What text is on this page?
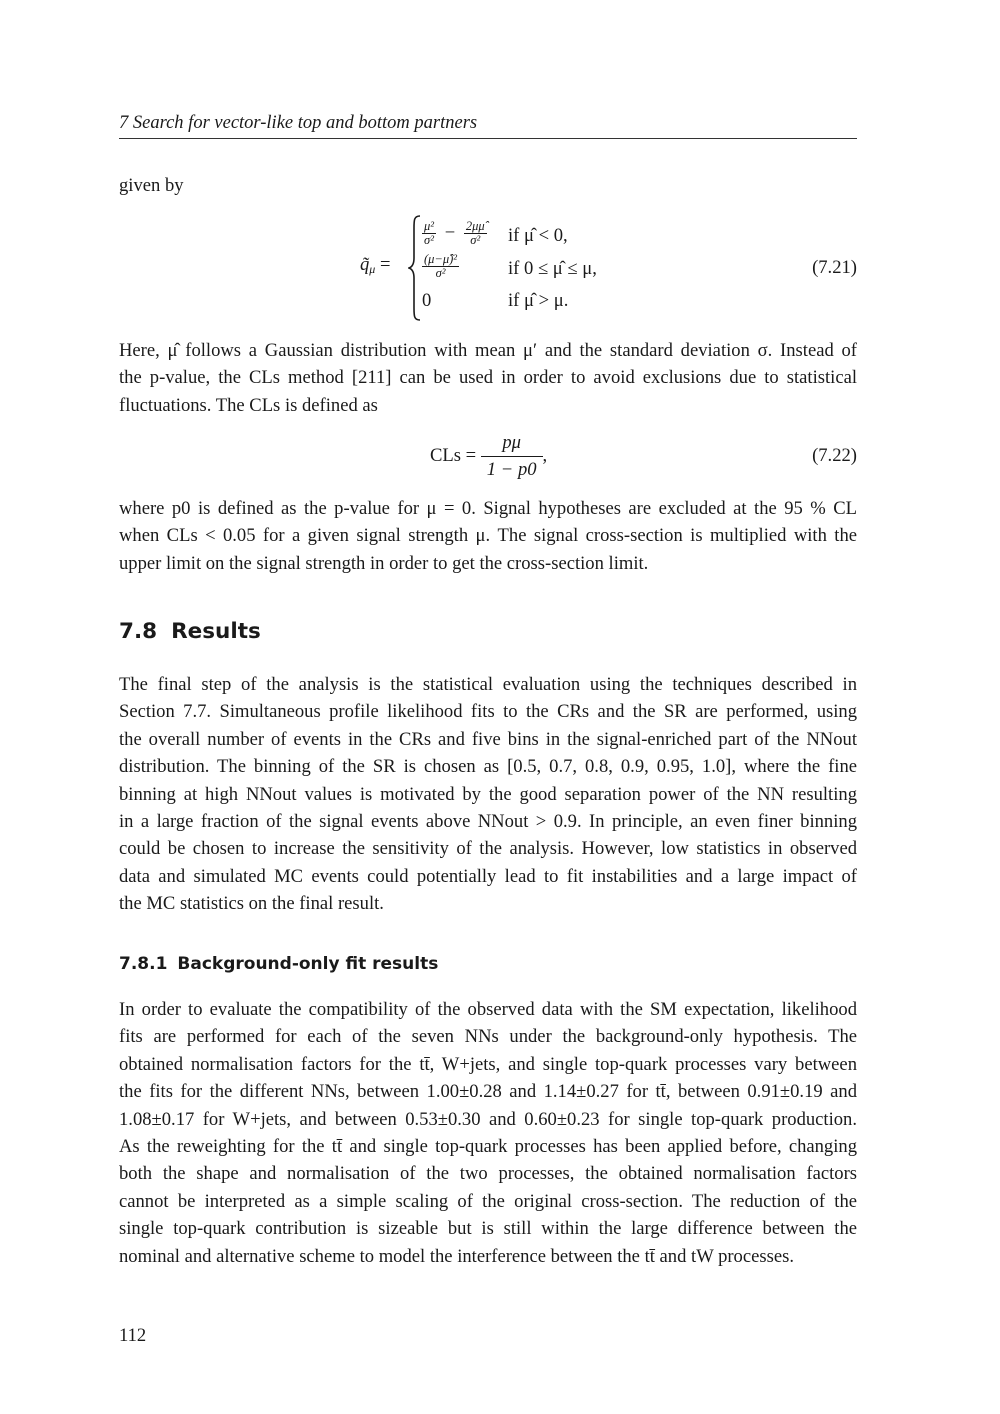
7 Search for vector-like top and bottom partners
given by
$q̃_\mu$ =
$\frac{\text{μ²}}{\text{σ²}} - \frac{2\mu\mû}{\text{σ²}}$
$\frac{\text{(μ−μ̂)²}}{\text{σ²}}$
0
if μ̂ < 0,
if 0 ≤ μ̂ ≤ μ,
if μ̂ > μ.
(7.21)
Here, μ̂ follows a Gaussian distribution with mean μ′ and the standard deviation σ. Instead of
the p-value, the CLs method [211] can be used in order to avoid exclusions due to statistical
fluctuations. The CLs is defined as
CLs = $\frac{p\mu}{1 - p0}$ ,	(7.22)
where p0 is defined as the p-value for μ = 0. Signal hypotheses are excluded at the 95 % CL
when CLs < 0.05 for a given signal strength μ. The signal cross-section is multiplied with the
upper limit on the signal strength in order to get the cross-section limit.
7.8 Results
The final step of the analysis is the statistical evaluation using the techniques described in
Section 7.7. Simultaneous profile likelihood fits to the CRs and the SR are performed, using
the overall number of events in the CRs and five bins in the signal-enriched part of the NNout
distribution. The binning of the SR is chosen as [0.5, 0.7, 0.8, 0.9, 0.95, 1.0], where the fine
binning at high NNout values is motivated by the good separation power of the NN resulting
in a large fraction of the signal events above NNout > 0.9. In principle, an even finer binning
could be chosen to increase the sensitivity of the analysis. However, low statistics in observed
data and simulated MC events could potentially lead to fit instabilities and a large impact of
the MC statistics on the final result.
7.8.1 Background-only fit results
In order to evaluate the compatibility of the observed data with the SM expectation, likelihood
fits are performed for each of the seven NNs under the background-only hypothesis. The
obtained normalisation factors for the tt̄, W+jets, and single top-quark processes vary between
the fits for the different NNs, between 1.00±0.28 and 1.14±0.27 for tt̄, between 0.91±0.19 and
1.08±0.17 for W+jets, and between 0.53±0.30 and 0.60±0.23 for single top-quark production.
As the reweighting for the tt̄ and single top-quark processes has been applied before, changing
both the shape and normalisation of the two processes, the obtained normalisation factors
cannot be interpreted as a simple scaling of the original cross-section. The reduction of the
single top-quark contribution is sizeable but is still within the large difference between the
nominal and alternative scheme to model the interference between the tt̄ and tW processes.
112
